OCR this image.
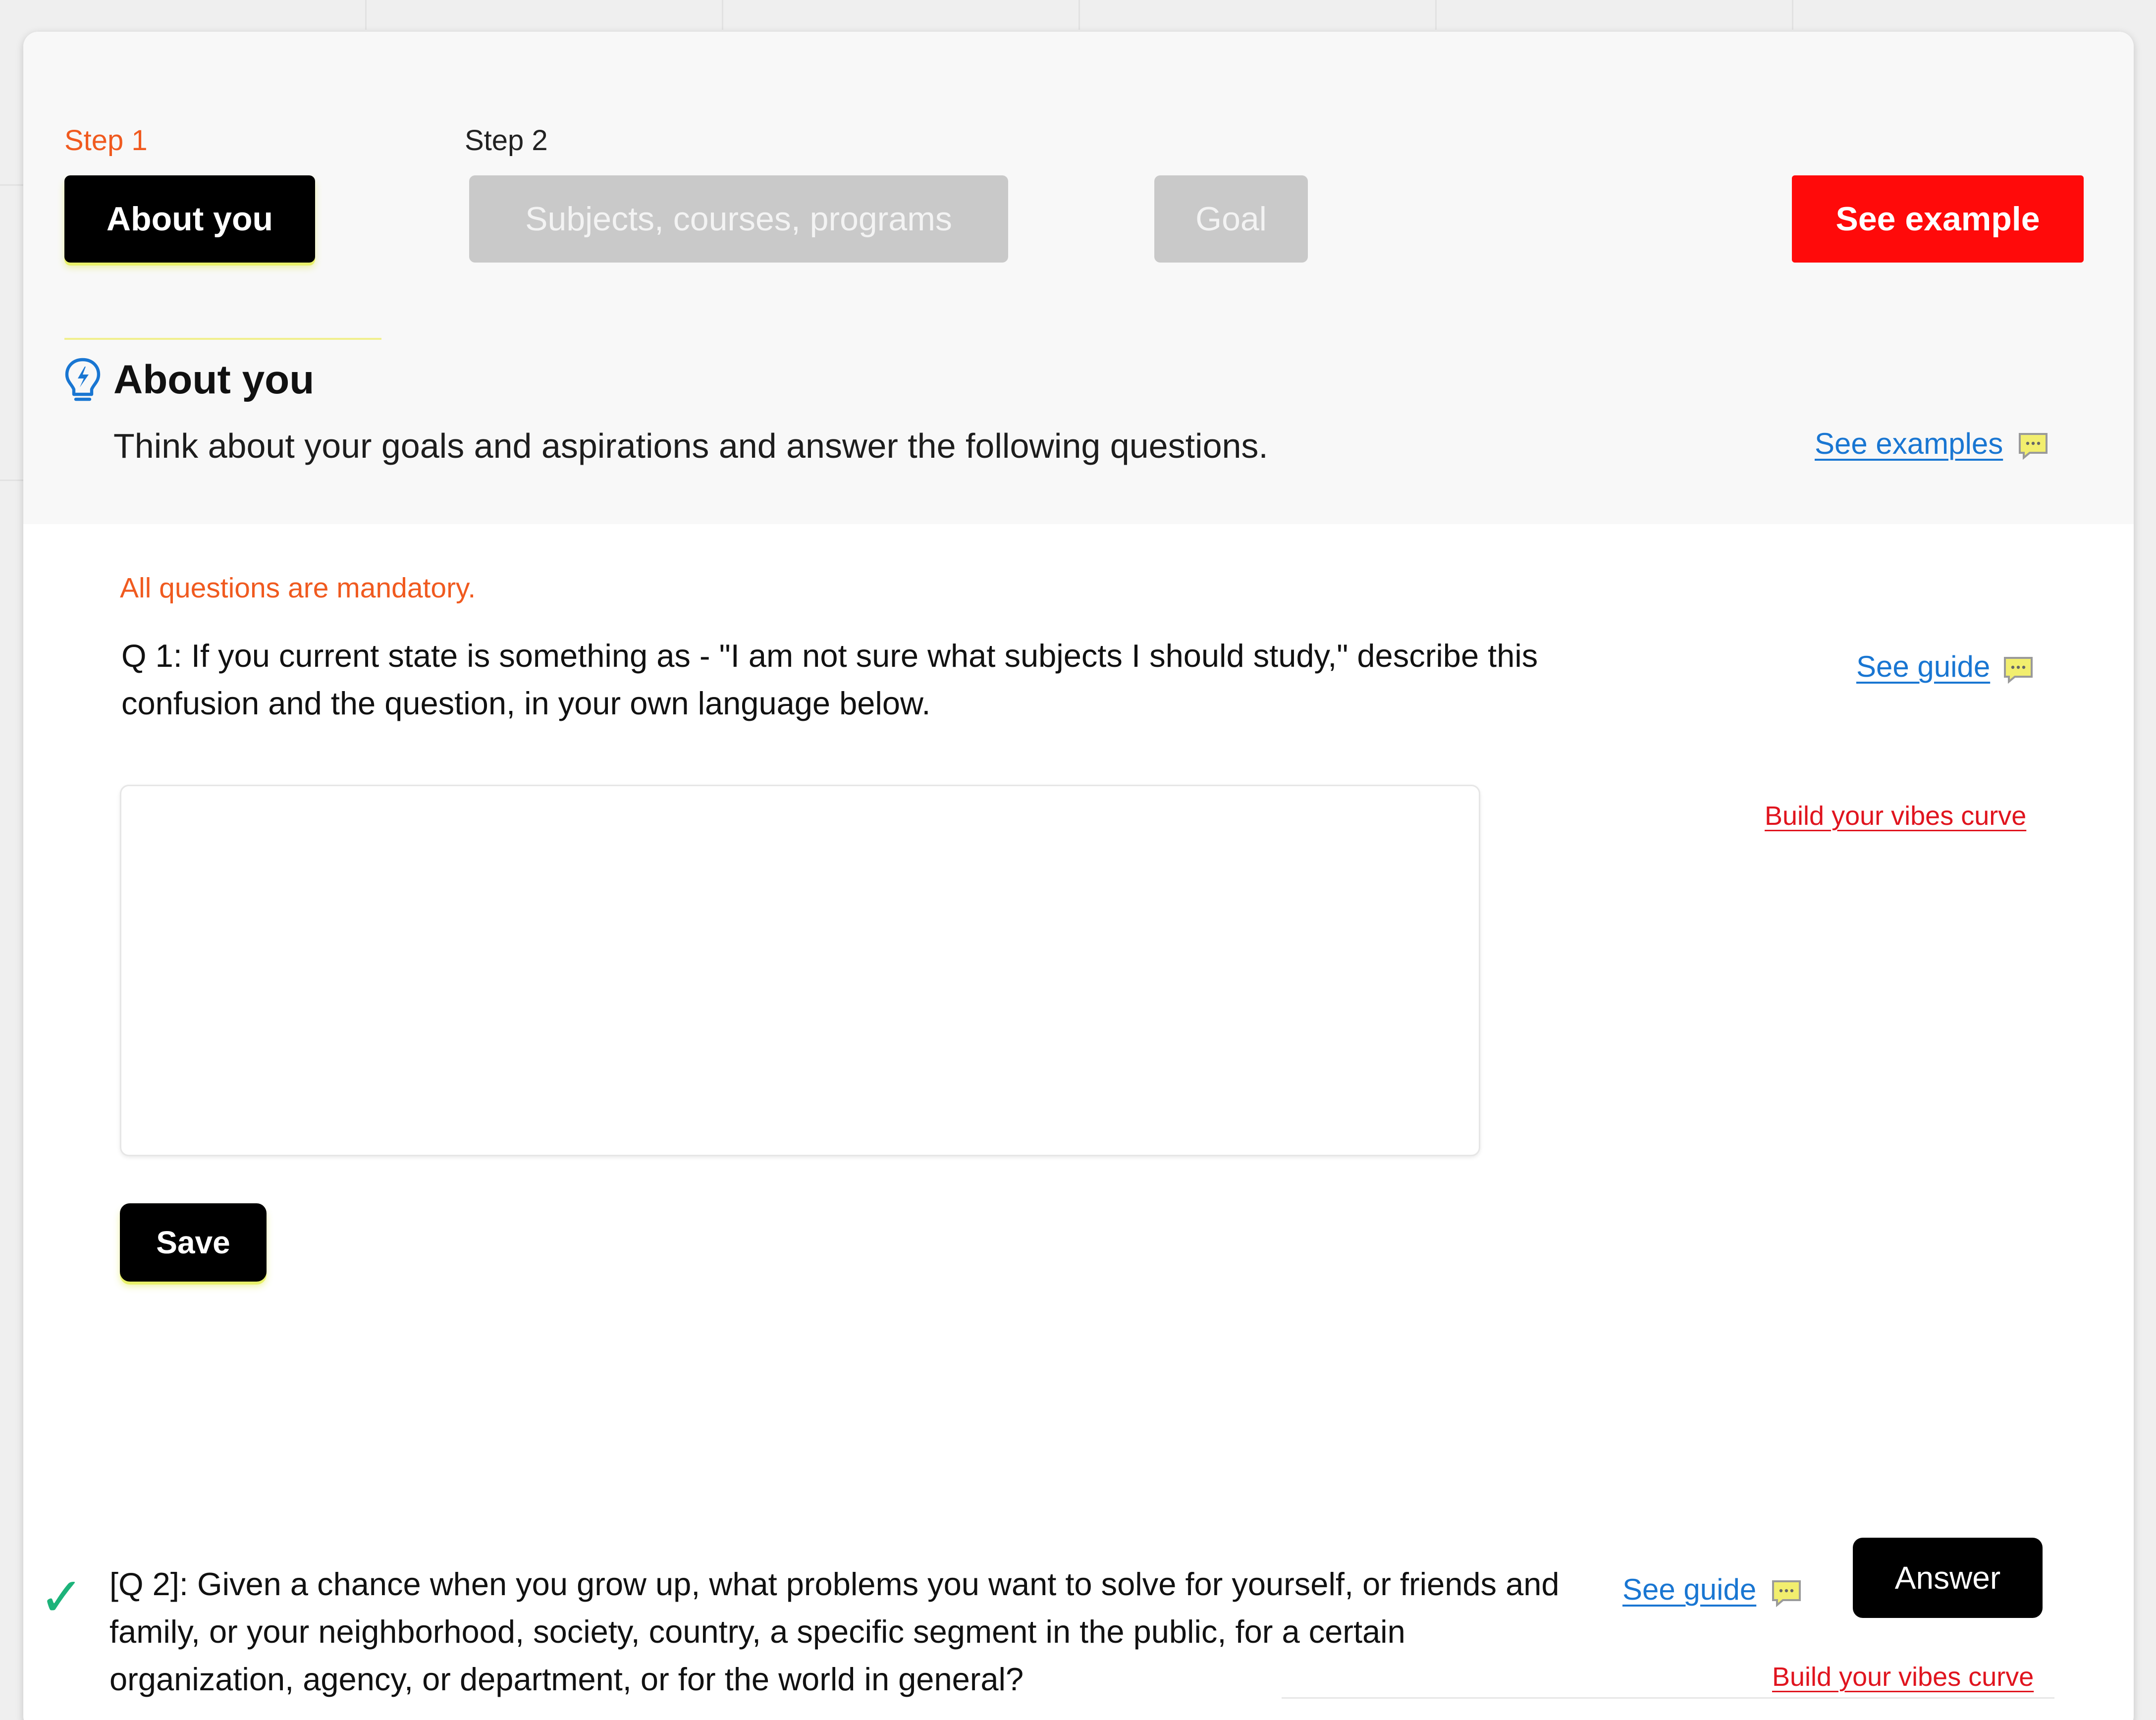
Step 1	Step 2
About you	Subjects, courses, programs	Goal	See example
About you

Think about your goals and aspirations and answer the following questions.	See examples

All questions are mandatory.

Q 1: If you current state is something as - "I am not sure what subjects I should study," describe this confusion and the question, in your own language below.

See guide
Build your vibes curve
Save
✓ [Q 2]: Given a chance when you grow up, what problems you want to solve for yourself, or friends and family, or your neighborhood, society, country, a specific segment in the public, for a certain organization, agency, or department, or for the world in general?

See guide	Answer
Build your vibes curve
